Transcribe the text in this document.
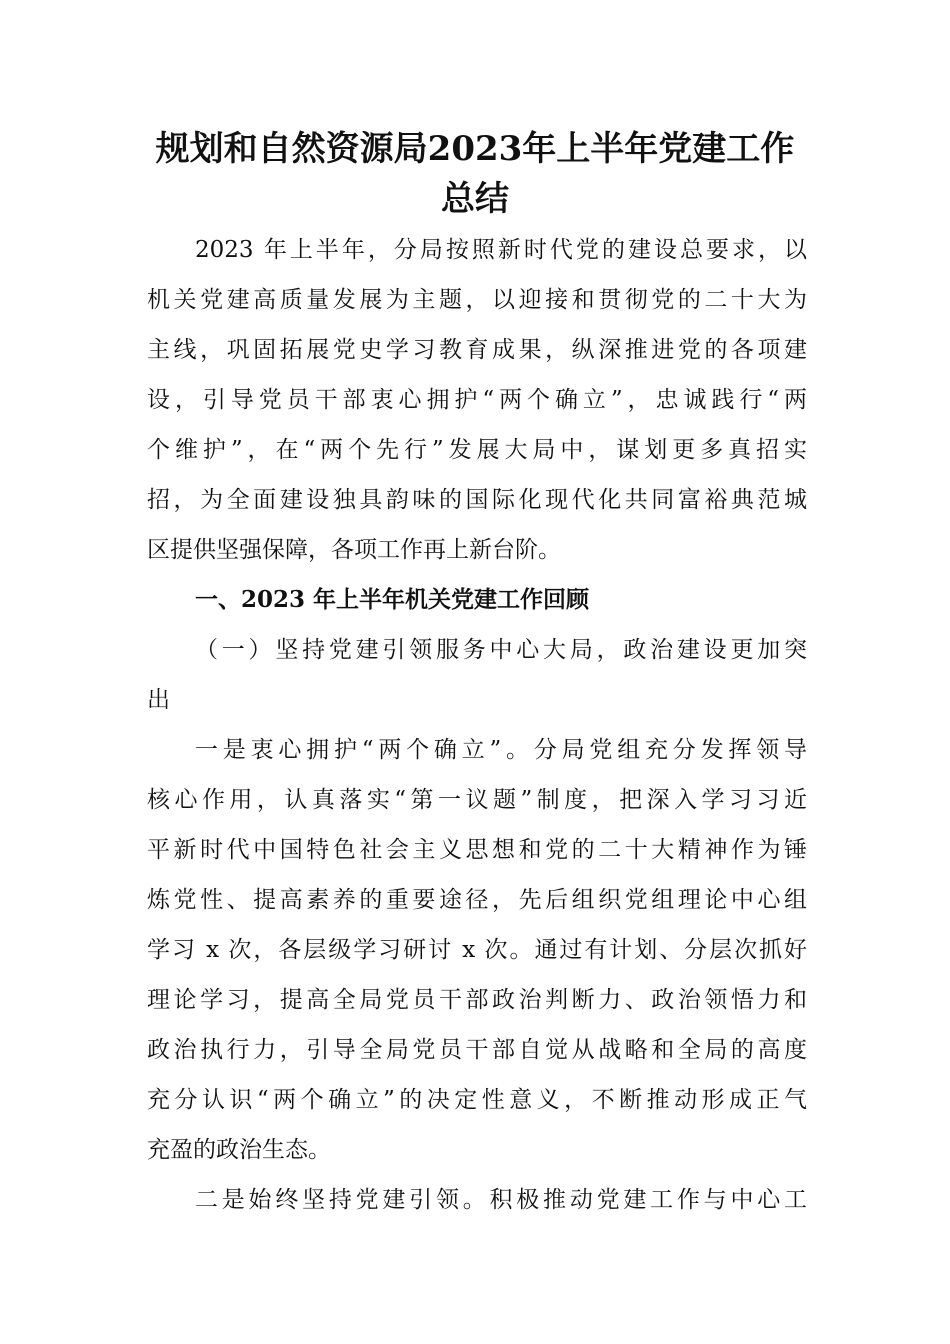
规划和自然资源局2023年上半年党建工作
总结
2023 年上半年，分局按照新时代党的建设总要求，以
机关党建高质量发展为主题，以迎接和贯彻党的二十大为
主线，巩固拓展党史学习教育成果，纵深推进党的各项建
设，引导党员干部衷心拥护“两个确立”，忠诚践行“两
个维护”，在“两个先行”发展大局中，谋划更多真招实
招，为全面建设独具韵味的国际化现代化共同富裕典范城
区提供坚强保障，各项工作再上新台阶。
一、2023 年上半年机关党建工作回顾
（一）坚持党建引领服务中心大局，政治建设更加突
出
一是衷心拥护“两个确立”。分局党组充分发挥领导
核心作用，认真落实“第一议题”制度，把深入学习习近
平新时代中国特色社会主义思想和党的二十大精神作为锤
炼党性、提高素养的重要途径，先后组织党组理论中心组
学习 x 次，各层级学习研讨 x 次。通过有计划、分层次抓好
理论学习，提高全局党员干部政治判断力、政治领悟力和
政治执行力，引导全局党员干部自觉从战略和全局的高度
充分认识“两个确立”的决定性意义，不断推动形成正气
充盈的政治生态。
二是始终坚持党建引领。积极推动党建工作与中心工
